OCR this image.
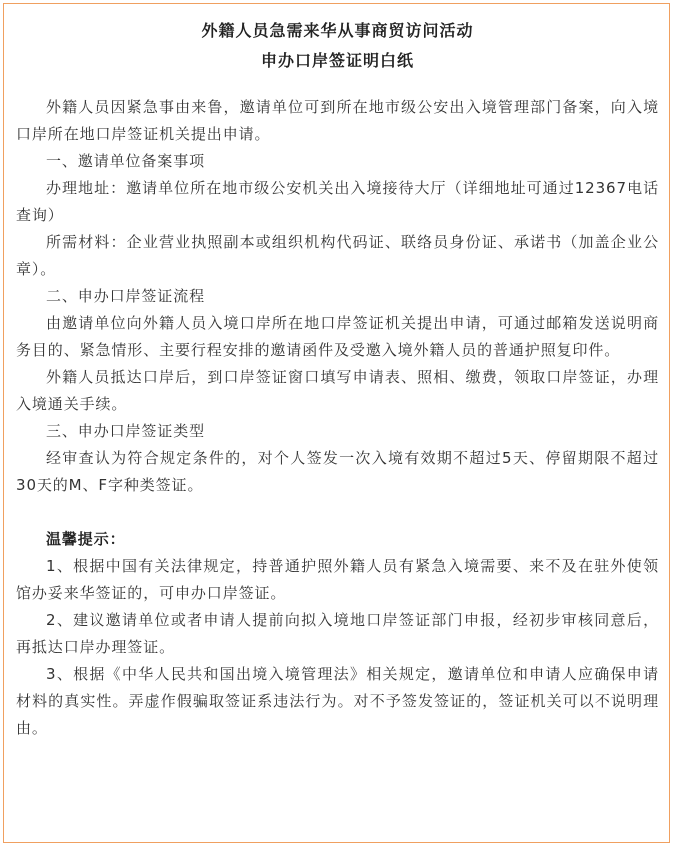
外籍人员急需来华从事商贸访问活动
申办口岸签证明白纸

外籍人员因紧急事由来鲁，邀请单位可到所在地市级公安出入境管理部门备案，向入境口岸所在地口岸签证机关提出申请。

一、邀请单位备案事项

办理地址：邀请单位所在地市级公安机关出入境接待大厅（详细地址可通过12367电话查询）

所需材料：企业营业执照副本或组织机构代码证、联络员身份证、承诺书（加盖企业公章）。

二、申办口岸签证流程

由邀请单位向外籍人员入境口岸所在地口岸签证机关提出申请，可通过邮箱发送说明商务目的、紧急情形、主要行程安排的邀请函件及受邀入境外籍人员的普通护照复印件。

外籍人员抵达口岸后，到口岸签证窗口填写申请表、照相、缴费，领取口岸签证，办理入境通关手续。

三、申办口岸签证类型

经审查认为符合规定条件的，对个人签发一次入境有效期不超过5天、停留期限不超过30天的M、F字种类签证。

温馨提示：

1、根据中国有关法律规定，持普通护照外籍人员有紧急入境需要、来不及在驻外使领馆办妥来华签证的，可申办口岸签证。

2、建议邀请单位或者申请人提前向拟入境地口岸签证部门申报，经初步审核同意后，再抵达口岸办理签证。

3、根据《中华人民共和国出境入境管理法》相关规定，邀请单位和申请人应确保申请材料的真实性。弄虚作假骗取签证系违法行为。对不予签发签证的，签证机关可以不说明理由。
